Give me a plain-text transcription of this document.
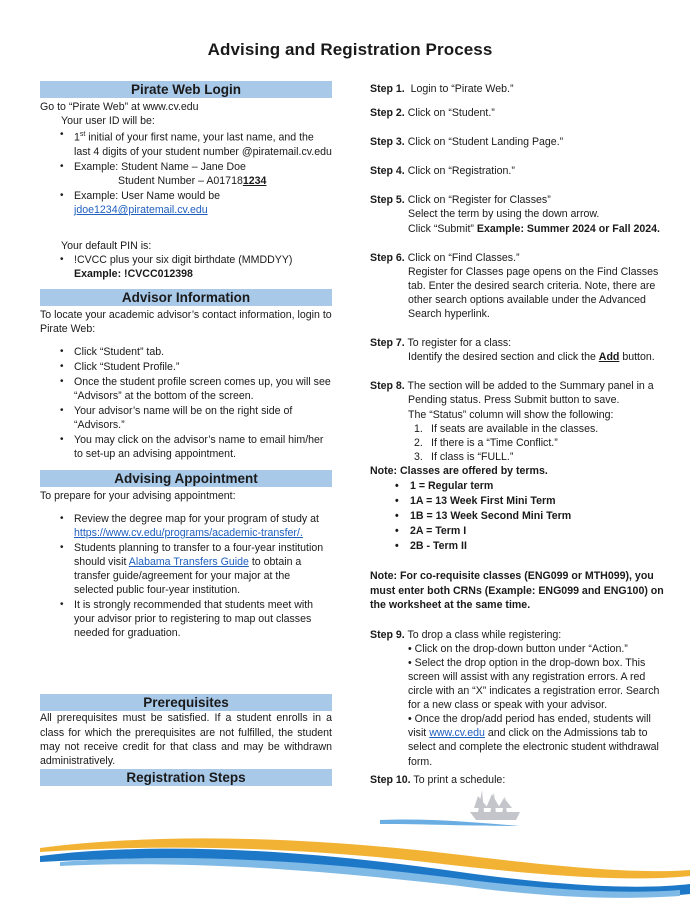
Advising and Registration Process
Pirate Web Login

Go to “Pirate Web” at www.cv.edu

Your user ID will be:

• 1st initial of your first name, your last name, and the last 4 digits of your student number @piratemail.cv.edu
• Example: Student Name – Jane Doe
Student Number – A017181234
• Example: User Name would be
jdoe1234@piratemail.cv.edu

Your default PIN is:

• !CVCC plus your six digit birthdate (MMDDYY)
Example: !CVCC012398
Advisor Information

To locate your academic advisor’s contact information, login to Pirate Web:

• Click “Student” tab.
• Click “Student Profile.”
• Once the student profile screen comes up, you will see “Advisors” at the bottom of the screen.
• Your advisor’s name will be on the right side of “Advisors.”
• You may click on the advisor’s name to email him/her to set-up an advising appointment.
Advising Appointment

To prepare for your advising appointment:

• Review the degree map for your program of study at
https://www.cv.edu/programs/academic-transfer/.
• Students planning to transfer to a four-year institution should visit Alabama Transfers Guide to obtain a transfer guide/agreement for your major at the selected public four-year institution.
• It is strongly recommended that students meet with your advisor prior to registering to map out classes needed for graduation.
Prerequisites

All prerequisites must be satisfied. If a student enrolls in a class for which the prerequisites are not fulfilled, the student may not receive credit for that class and may be withdrawn administratively.

Registration Steps

Step 1.  Login to “Pirate Web.”

Step 2. Click on “Student.”

Step 3. Click on “Student Landing Page.”

Step 4. Click on “Registration.”

Step 5. Click on “Register for Classes”
Select the term by using the down arrow.
Click “Submit” Example: Summer 2024 or Fall 2024.
Step 6. Click on “Find Classes.”
Register for Classes page opens on the Find Classes tab. Enter the desired search criteria. Note, there are other search options available under the Advanced Search hyperlink.
Step 7. To register for a class:
Identify the desired section and click the Add button.
Step 8. The section will be added to the Summary panel in a
Pending status. Press Submit button to save.
The “Status” column will show the following:
1. If seats are available in the classes.
2. If there is a “Time Conflict.”
3. If class is “FULL.”

Note: Classes are offered by terms.

• 1 = Regular term
• 1A = 13 Week First Mini Term
• 1B = 13 Week Second Mini Term
• 2A = Term I
• 2B - Term II

Note: For co-requisite classes (ENG099 or MTH099), you must enter both CRNs (Example: ENG099 and ENG100) on the worksheet at the same time.

Step 9. To drop a class while registering:
• Click on the drop-down button under “Action.”
• Select the drop option in the drop-down box. This screen will assist with any registration errors. A red circle with an “X” indicates a registration error. Search for a new class or speak with your advisor.
• Once the drop/add period has ended, students will visit www.cv.edu and click on the Admissions tab to select and complete the electronic student withdrawal form.

Step 10. To print a schedule:
